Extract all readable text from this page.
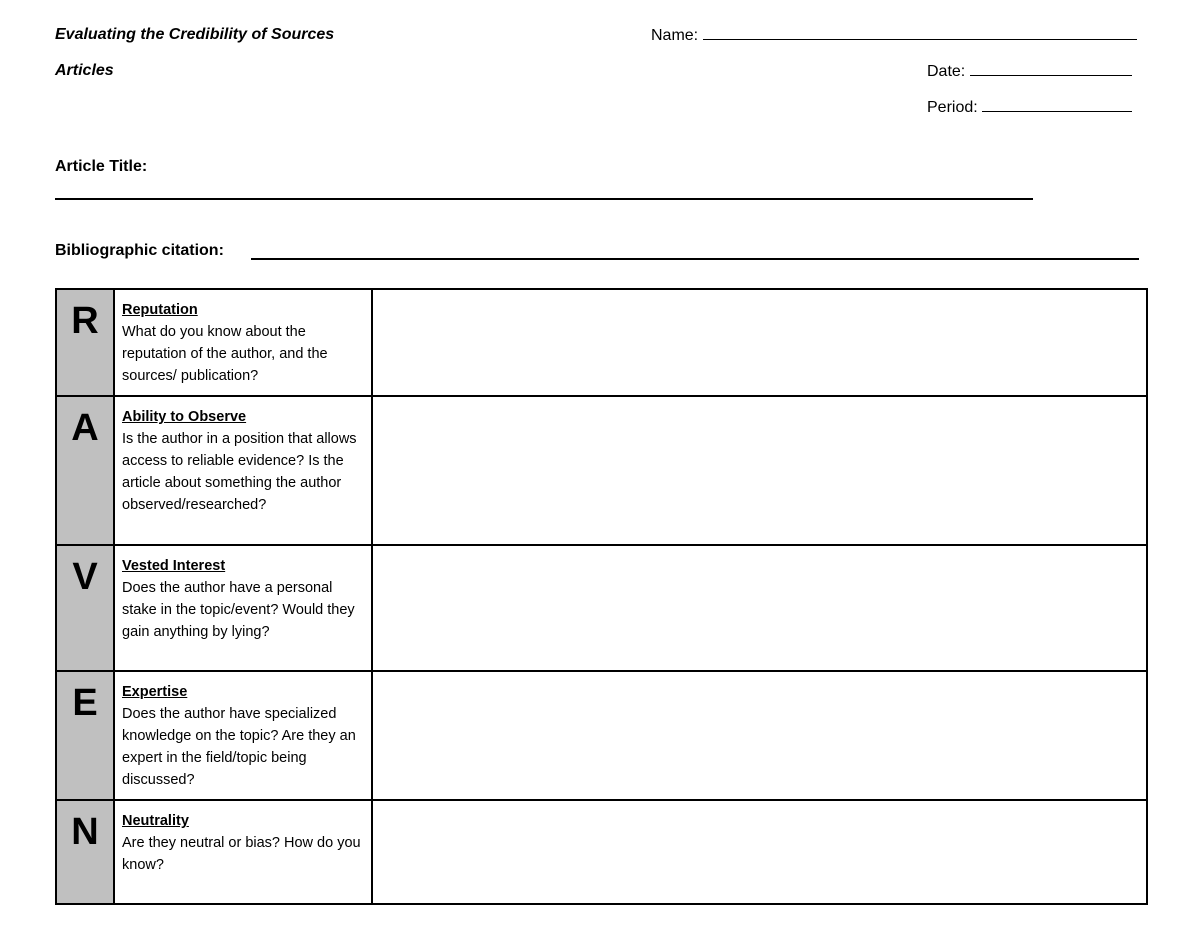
Evaluating the Credibility of Sources
Articles
Name:
Date:
Period:
Article Title:
Bibliographic citation:
R	Reputation
What do you know about the reputation of the author, and the sources/ publication?	

A	Ability to Observe
Is the author in a position that allows access to reliable evidence? Is the article about something the author observed/researched?	

V	Vested Interest
Does the author have a personal stake in the topic/event? Would they gain anything by lying?	

E	Expertise
Does the author have specialized knowledge on the topic? Are they an expert in the field/topic being discussed?	

N	Neutrality
Are they neutral or bias? How do you know?	
